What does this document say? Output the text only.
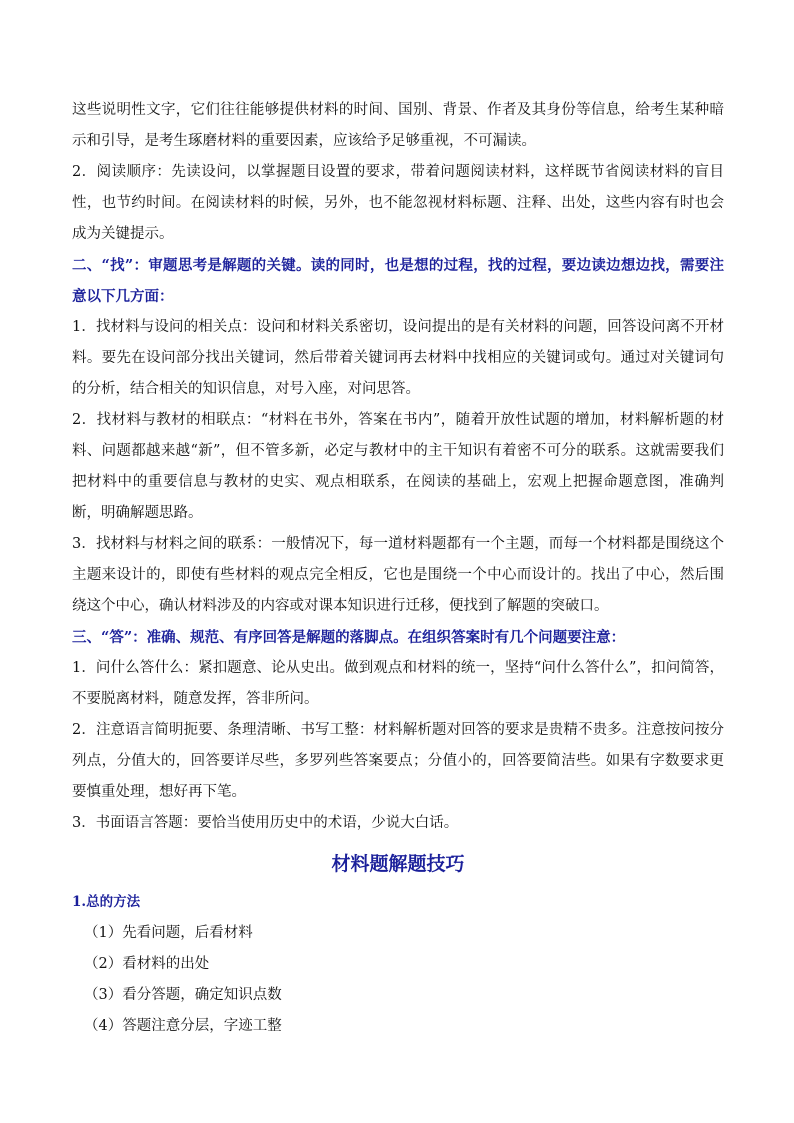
这些说明性文字，它们往往能够提供材料的时间、国别、背景、作者及其身份等信息，给考生某种暗示和引导，是考生琢磨材料的重要因素，应该给予足够重视，不可漏读。

2．阅读顺序：先读设问，以掌握题目设置的要求，带着问题阅读材料，这样既节省阅读材料的盲目性，也节约时间。在阅读材料的时候，另外，也不能忽视材料标题、注释、出处，这些内容有时也会成为关键提示。

二、“找”：审题思考是解题的关键。读的同时，也是想的过程，找的过程，要边读边想边找，需要注意以下几方面：

1．找材料与设问的相关点：设问和材料关系密切，设问提出的是有关材料的问题，回答设问离不开材料。要先在设问部分找出关键词，然后带着关键词再去材料中找相应的关键词或句。通过对关键词句的分析，结合相关的知识信息，对号入座，对问思答。

2．找材料与教材的相联点：“材料在书外，答案在书内”，随着开放性试题的增加，材料解析题的材料、问题都越来越“新”，但不管多新，必定与教材中的主干知识有着密不可分的联系。这就需要我们把材料中的重要信息与教材的史实、观点相联系，在阅读的基础上，宏观上把握命题意图，准确判断，明确解题思路。

3．找材料与材料之间的联系：一般情况下，每一道材料题都有一个主题，而每一个材料都是围绕这个主题来设计的，即使有些材料的观点完全相反，它也是围绕一个中心而设计的。找出了中心，然后围绕这个中心，确认材料涉及的内容或对课本知识进行迁移，便找到了解题的突破口。

三、“答”：准确、规范、有序回答是解题的落脚点。在组织答案时有几个问题要注意：

1．问什么答什么：紧扣题意、论从史出。做到观点和材料的统一，坚持“问什么答什么”，扣问简答，不要脱离材料，随意发挥，答非所问。

2．注意语言简明扼要、条理清晰、书写工整：材料解析题对回答的要求是贵精不贵多。注意按问按分列点，分值大的，回答要详尽些，多罗列些答案要点；分值小的，回答要简洁些。如果有字数要求更要慎重处理，想好再下笔。

3．书面语言答题：要恰当使用历史中的术语，少说大白话。

材料题解题技巧

1.总的方法

（1）先看问题，后看材料

（2）看材料的出处

（3）看分答题，确定知识点数

（4）答题注意分层，字迹工整
